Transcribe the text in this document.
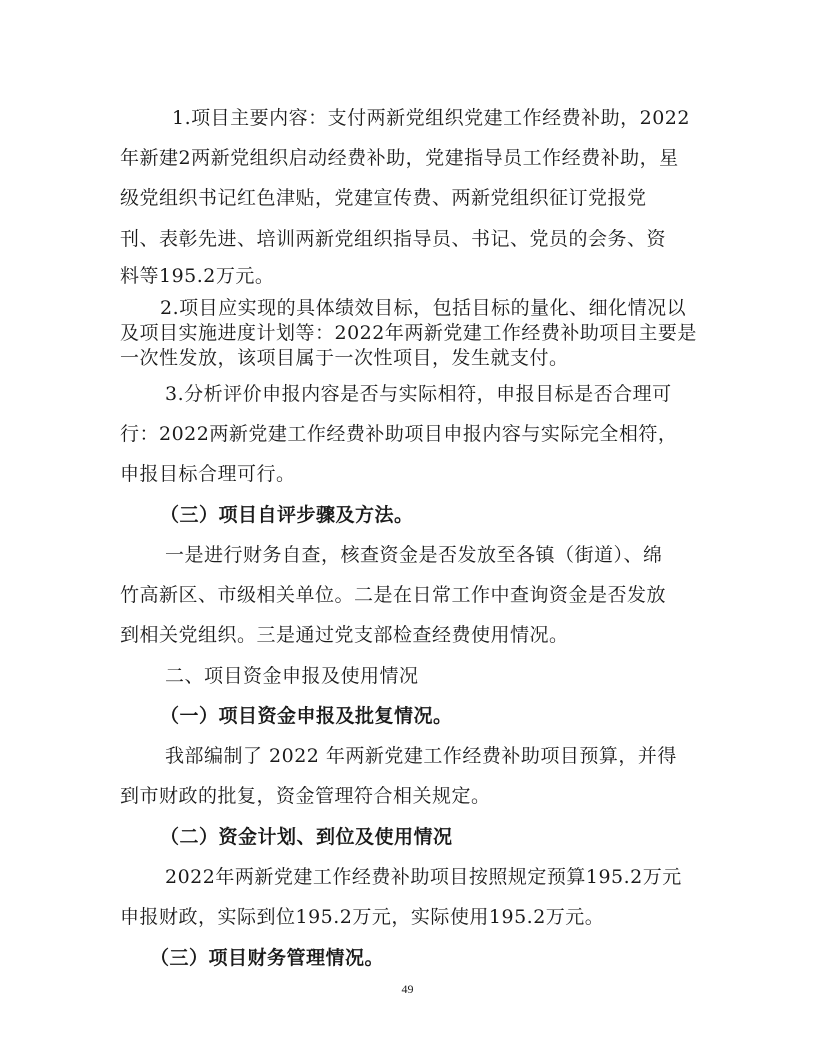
1.项目主要内容：支付两新党组织党建工作经费补助，2022
年新建2两新党组织启动经费补助，党建指导员工作经费补助，星
级党组织书记红色津贴，党建宣传费、两新党组织征订党报党
刊、表彰先进、培训两新党组织指导员、书记、党员的会务、资
料等195.2万元。
2.项目应实现的具体绩效目标，包括目标的量化、细化情况以
及项目实施进度计划等：2022年两新党建工作经费补助项目主要是
一次性发放，该项目属于一次性项目，发生就支付。
3.分析评价申报内容是否与实际相符，申报目标是否合理可
行：2022两新党建工作经费补助项目申报内容与实际完全相符，
申报目标合理可行。
（三）项目自评步骤及方法。
一是进行财务自查，核查资金是否发放至各镇（街道）、绵
竹高新区、市级相关单位。二是在日常工作中查询资金是否发放
到相关党组织。三是通过党支部检查经费使用情况。
二、项目资金申报及使用情况
（一）项目资金申报及批复情况。
我部编制了 2022 年两新党建工作经费补助项目预算，并得
到市财政的批复，资金管理符合相关规定。
（二）资金计划、到位及使用情况
2022年两新党建工作经费补助项目按照规定预算195.2万元
申报财政，实际到位195.2万元，实际使用195.2万元。
（三）项目财务管理情况。
49
